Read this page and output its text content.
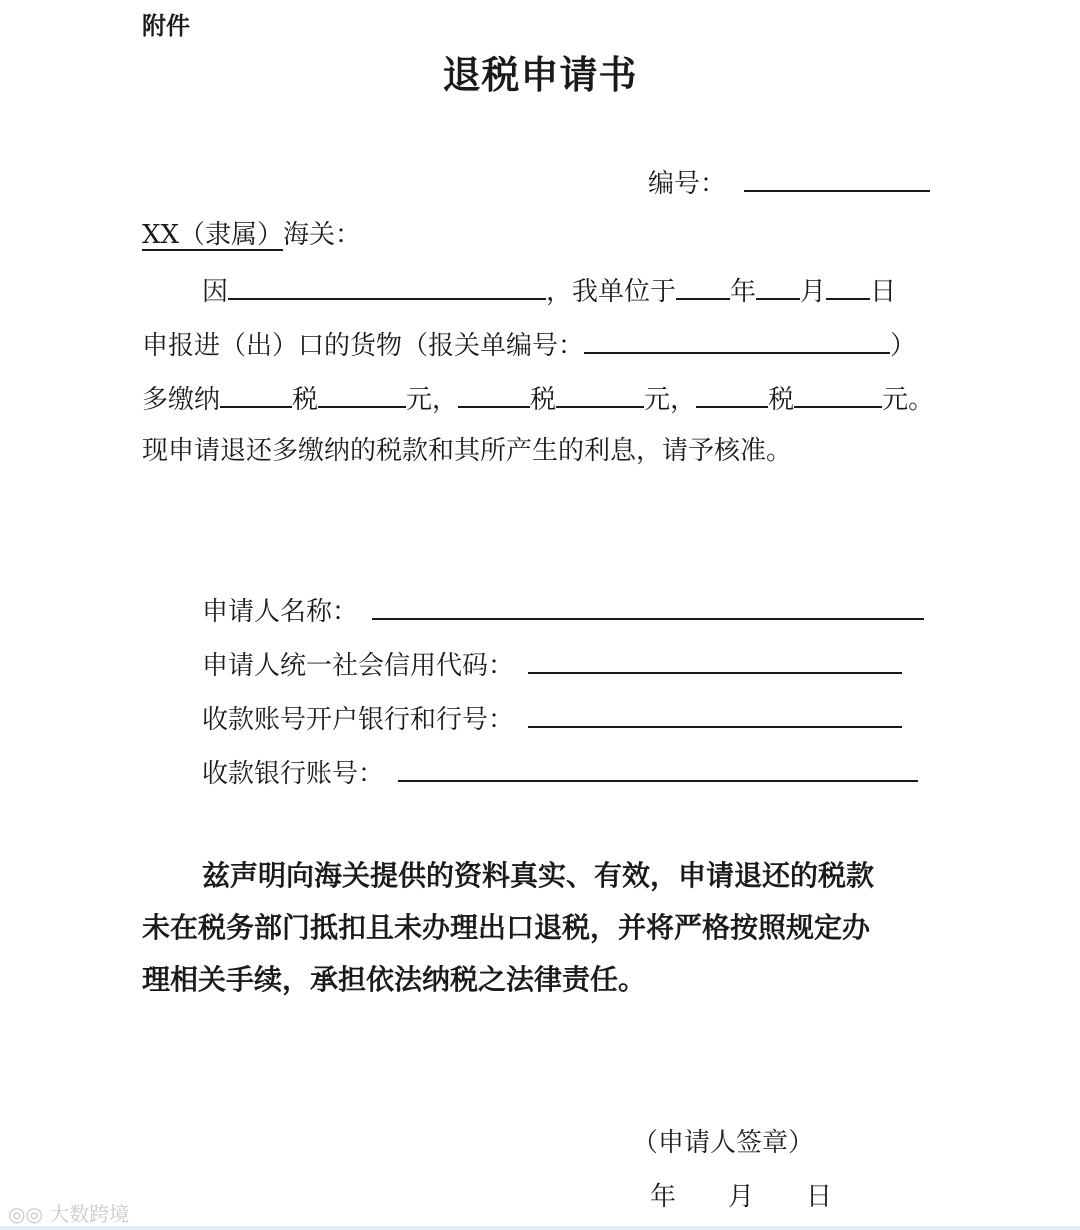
附件
退税申请书
编号：
XX（隶属）海关：
因	，我单位于 年 月 日
申报进（出）口的货物（报关单编号：	）
多缴纳	税	元，	税	元，	税	元。
现申请退还多缴纳的税款和其所产生的利息，请予核准。
申请人名称：
申请人统一社会信用代码：
收款账号开户银行和行号：
收款银行账号：
兹声明向海关提供的资料真实、有效，申请退还的税款
未在税务部门抵扣且未办理出口退税，并将严格按照规定办
理相关手续，承担依法纳税之法律责任。
（申请人签章）
年 月 日
◎◎ 大数跨境
